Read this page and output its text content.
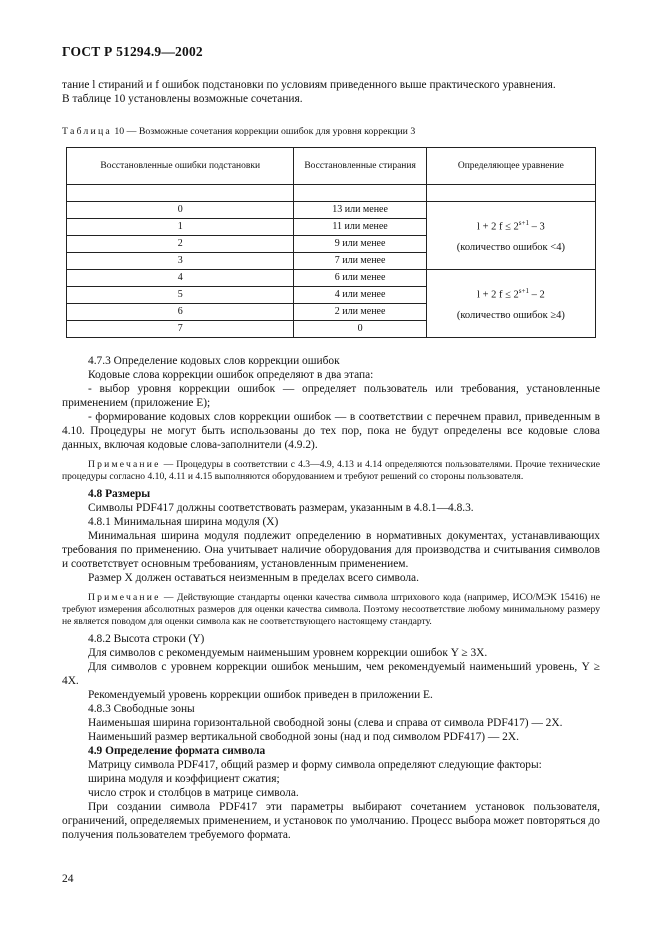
ГОСТ Р 51294.9—2002

тание l стираний и f ошибок подстановки по условиям приведенного выше практического уравнения.

В таблице 10 установлены возможные сочетания.

Таблица 10 — Возможные сочетания коррекции ошибок для уровня коррекции 3

Восстановленные ошибки подстановки	Восстановленные стирания	Определяющее уравнение

0	13 или менее	l + 2 $f \le 2^{s+1} - 3$
(количество ошибок <4)

1	11 или менее	
2	9 или менее	
3	7 или менее	
4	6 или менее	l + 2 $f \le 2^{s+1} - 2$
(количество ошибок ≥4)

5	4 или менее	
6	2 или менее	
7	0	

4.7.3 Определение кодовых слов коррекции ошибок

Кодовые слова коррекции ошибок определяют в два этапа:

- выбор уровня коррекции ошибок — определяет пользователь или требования, установленные применением (приложение Е);

- формирование кодовых слов коррекции ошибок — в соответствии с перечнем правил, приведенным в 4.10. Процедуры не могут быть использованы до тех пор, пока не будут определены все кодовые слова данных, включая кодовые слова-заполнители (4.9.2).

Примечание — Процедуры в соответствии с 4.3—4.9, 4.13 и 4.14 определяются пользователями. Прочие технические процедуры согласно 4.10, 4.11 и 4.15 выполняются оборудованием и требуют решений со стороны пользователя.

4.8 Размеры

Символы PDF417 должны соответствовать размерам, указанным в 4.8.1—4.8.3.

4.8.1 Минимальная ширина модуля (X)

Минимальная ширина модуля подлежит определению в нормативных документах, устанавливающих требования по применению. Она учитывает наличие оборудования для производства и считывания символов и соответствует основным требованиям, установленным применением.

Размер X должен оставаться неизменным в пределах всего символа.

Примечание — Действующие стандарты оценки качества символа штрихового кода (например, ИСО/МЭК 15416) не требуют измерения абсолютных размеров для оценки качества символа. Поэтому несоответствие любому минимальному размеру не является поводом для оценки символа как не соответствующего настоящему стандарту.

4.8.2 Высота строки (Y)

Для символов с рекомендуемым наименьшим уровнем коррекции ошибок Y ≥ 3X.

Для символов с уровнем коррекции ошибок меньшим, чем рекомендуемый наименьший уровень, Y ≥ 4X.

Рекомендуемый уровень коррекции ошибок приведен в приложении Е.

4.8.3 Свободные зоны

Наименьшая ширина горизонтальной свободной зоны (слева и справа от символа PDF417) — 2X.

Наименьший размер вертикальной свободной зоны (над и под символом PDF417) — 2X.

4.9 Определение формата символа

Матрицу символа PDF417, общий размер и форму символа определяют следующие факторы:

ширина модуля и коэффициент сжатия;

число строк и столбцов в матрице символа.

При создании символа PDF417 эти параметры выбирают сочетанием установок пользователя, ограничений, определяемых применением, и установок по умолчанию. Процесс выбора может повторяться до получения пользователем требуемого формата.

24
